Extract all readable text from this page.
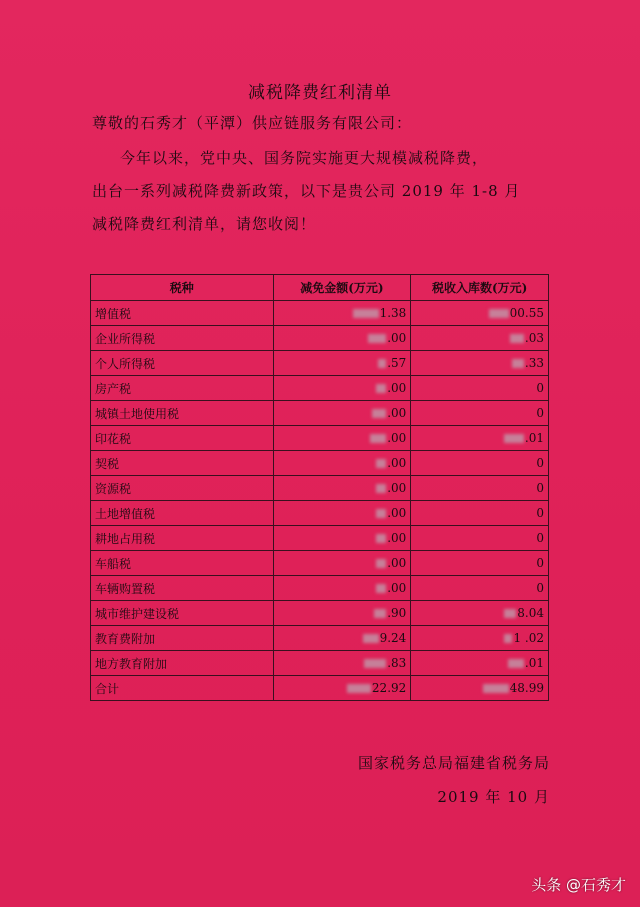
减税降费红利清单
尊敬的石秀才（平潭）供应链服务有限公司：
今年以来，党中央、国务院实施更大规模减税降费，
出台一系列减税降费新政策，以下是贵公司 2019 年 1-8 月
减税降费红利清单，请您收阅！
税种	减免金额(万元)	税收入库数(万元)
增值税	1.38	00.55
企业所得税	.00	.03
个人所得税	.57	.33
房产税	.00	0
城镇土地使用税	.00	0
印花税	.00	.01
契税	.00	0
资源税	.00	0
土地增值税	.00	0
耕地占用税	.00	0
车船税	.00	0
车辆购置税	.00	0
城市维护建设税	.90	8.04
教育费附加	9.24	1 .02
地方教育附加	.83	.01
合计	22.92	48.99
国家税务总局福建省税务局
2019 年 10 月
头条 @石秀才
